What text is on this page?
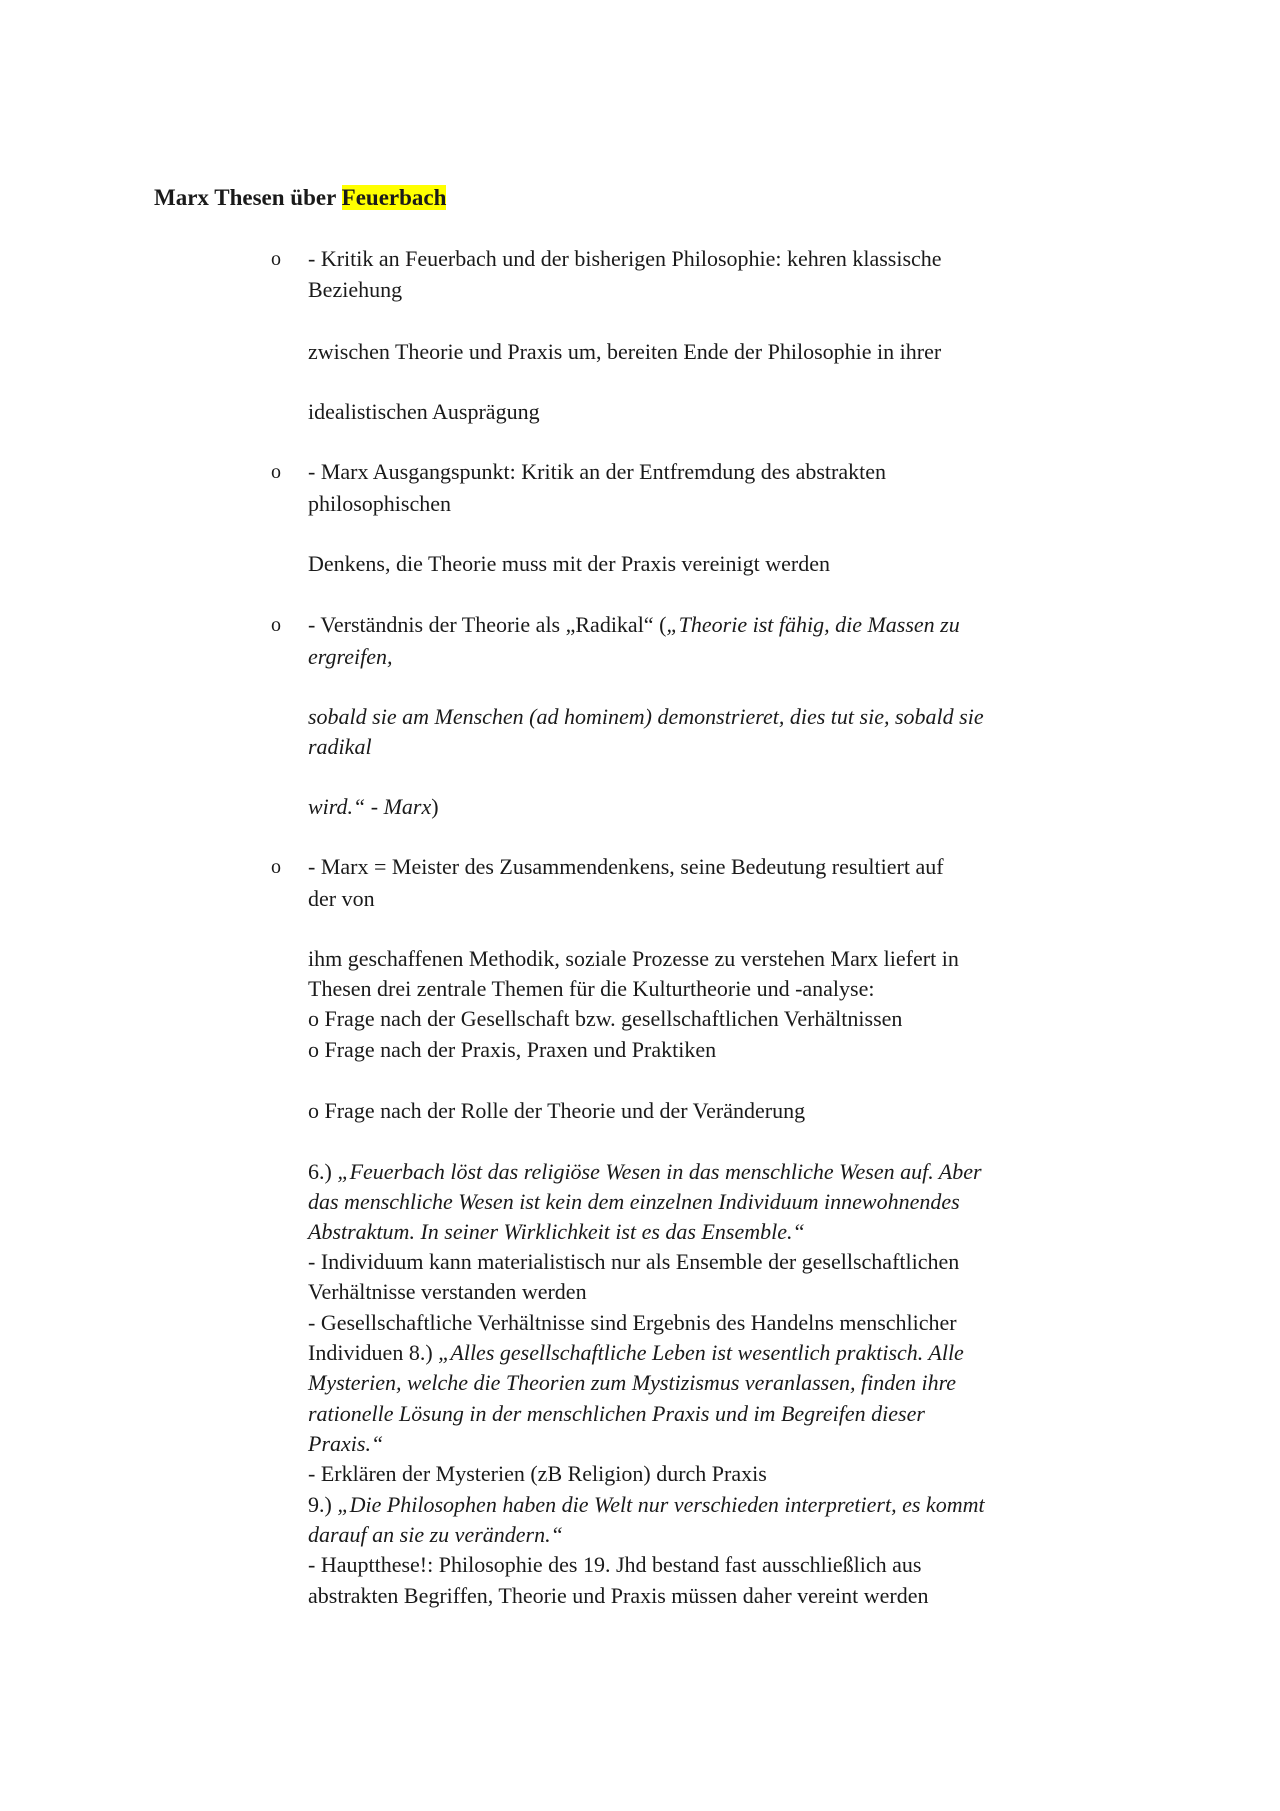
Marx Thesen über Feuerbach
o - Kritik an Feuerbach und der bisherigen Philosophie: kehren klassische
Beziehung
zwischen Theorie und Praxis um, bereiten Ende der Philosophie in ihrer
idealistischen Ausprägung
o - Marx Ausgangspunkt: Kritik an der Entfremdung des abstrakten
philosophischen
Denkens, die Theorie muss mit der Praxis vereinigt werden
o - Verständnis der Theorie als „Radikal“ („Theorie ist fähig, die Massen zu
ergreifen,
sobald sie am Menschen (ad hominem) demonstrieret, dies tut sie, sobald sie
radikal
wird.“ - Marx)
o - Marx = Meister des Zusammendenkens, seine Bedeutung resultiert auf
der von
ihm geschaffenen Methodik, soziale Prozesse zu verstehen Marx liefert in
Thesen drei zentrale Themen für die Kulturtheorie und -analyse:
o Frage nach der Gesellschaft bzw. gesellschaftlichen Verhältnissen
o Frage nach der Praxis, Praxen und Praktiken
o Frage nach der Rolle der Theorie und der Veränderung
6.) „Feuerbach löst das religiöse Wesen in das menschliche Wesen auf. Aber
das menschliche Wesen ist kein dem einzelnen Individuum innewohnendes
Abstraktum. In seiner Wirklichkeit ist es das Ensemble.“
- Individuum kann materialistisch nur als Ensemble der gesellschaftlichen
Verhältnisse verstanden werden
- Gesellschaftliche Verhältnisse sind Ergebnis des Handelns menschlicher
Individuen 8.) „Alles gesellschaftliche Leben ist wesentlich praktisch. Alle
Mysterien, welche die Theorien zum Mystizismus veranlassen, finden ihre
rationelle Lösung in der menschlichen Praxis und im Begreifen dieser
Praxis.“
- Erklären der Mysterien (zB Religion) durch Praxis
9.) „Die Philosophen haben die Welt nur verschieden interpretiert, es kommt
darauf an sie zu verändern.“
- Hauptthese!: Philosophie des 19. Jhd bestand fast ausschließlich aus
abstrakten Begriffen, Theorie und Praxis müssen daher vereint werden
